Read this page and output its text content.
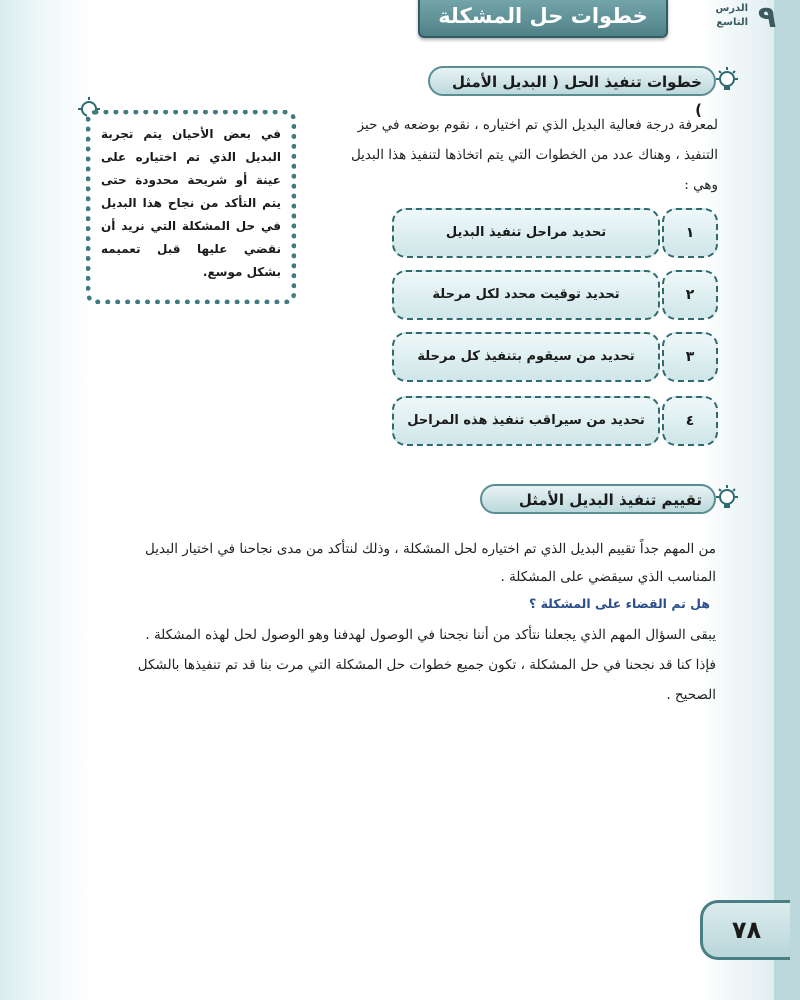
٩
الدرس
التاسع
خطوات حل المشكلة
خطوات تنفيذ الحل ( البديل الأمثل )
لمعرفة درجة فعالية البديل الذي تم اختياره ، نقوم بوضعه ﻓﻲ حيز
التنفيذ ، وهناك عدد من الخطوات التي يتم اتخاذها لتنفيذ هذا البديل
وهي :
١
تحديد مراحل تنفيذ البديل
٢
تحديد توقيت محدد لكل مرحلة
٣
تحديد من سيقوم بتنفيذ كل مرحلة
٤
تحديد من سيراقب تنفيذ هذه المراحل
في بعض الأحيان يتم تجربة البديل الذي تم اختياره على عينة أو شريحة محدودة حتى يتم التأكد من نجاح هذا البديل في حل المشكلة التي نريد أن نقضي عليها قبل تعميمه بشكل موسع.
تقييم تنفيذ البديل الأمثل
من المهم جداً تقييم البديل الذي تم اختياره لحل المشكلة ، وذلك لنتأكد من مدى نجاحنا ﻓﻲ اختيار البديل
المناسب الذي سيقضي على المشكلة .
هل تم القضاء على المشكلة ؟
يبقى السؤال المهم الذي يجعلنا نتأكد من أننا نجحنا ﻓﻲ الوصول لهدفنا وهو الوصول لحل لهذه المشكلة .
فإذا كنا قد نجحنا ﻓﻲ حل المشكلة ، تكون جميع خطوات حل المشكلة التي مرت بنا قد تم تنفيذها بالشكل
الصحيح .
٧٨
